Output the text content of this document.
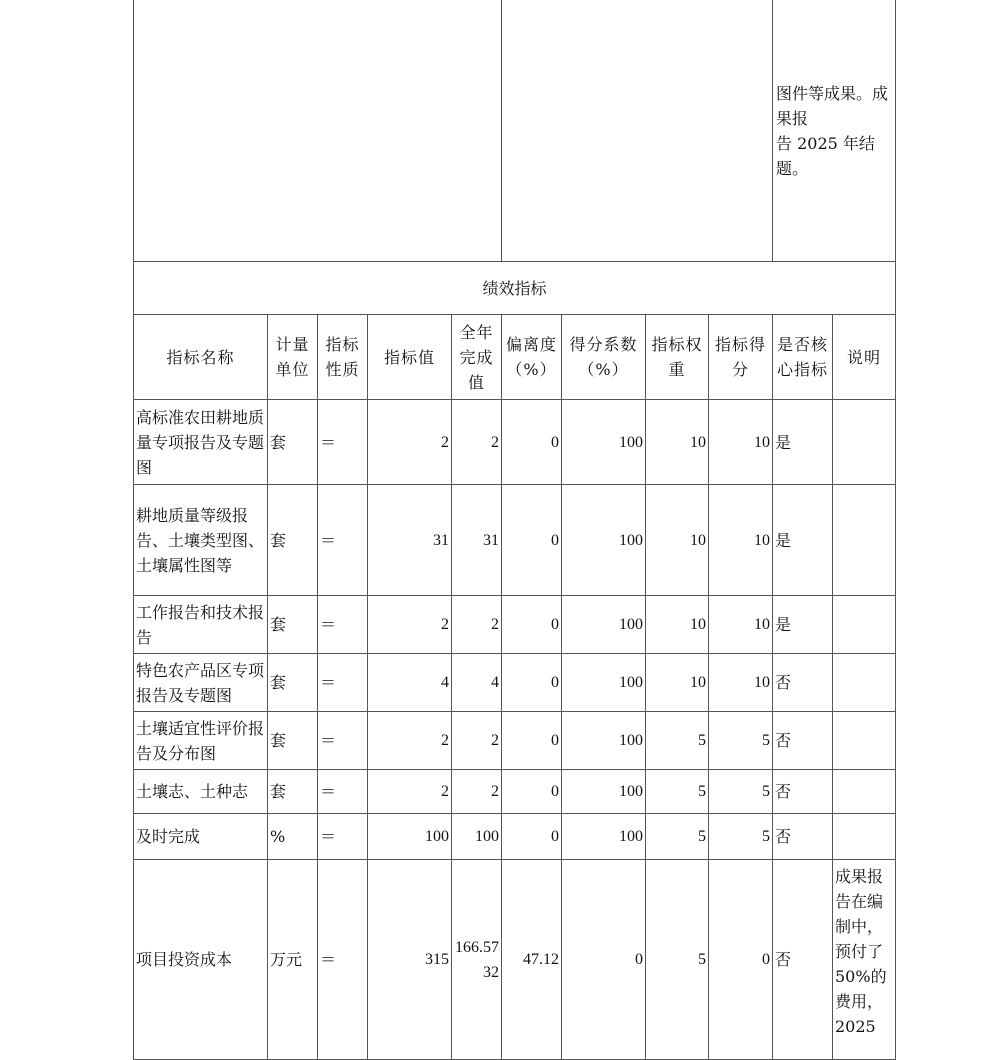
									图件等成果。成果报
告 2025 年结题。	

绩效指标										
指标名称	计量单位	指标性质	指标值	全年完成值	偏离度（%）	得分系数（%）	指标权重	指标得分	是否核心指标	说明
高标准农田耕地质量专项报告及专题图	套	＝	2	2	0	100	10	10	是	
耕地质量等级报告、土壤类型图、土壤属性图等	套	＝	31	31	0	100	10	10	是	
工作报告和技术报告	套	＝	2	2	0	100	10	10	是	
特色农产品区专项报告及专题图	套	＝	4	4	0	100	10	10	否	
土壤适宜性评价报告及分布图	套	＝	2	2	0	100	5	5	否	
土壤志、土种志	套	＝	2	2	0	100	5	5	否	
及时完成	%	＝	100	100	0	100	5	5	否	
项目投资成本	万元	＝	315	166.5732	47.12	0	5	0	否	成果报告在编制中，预付了50%的费用，2025
